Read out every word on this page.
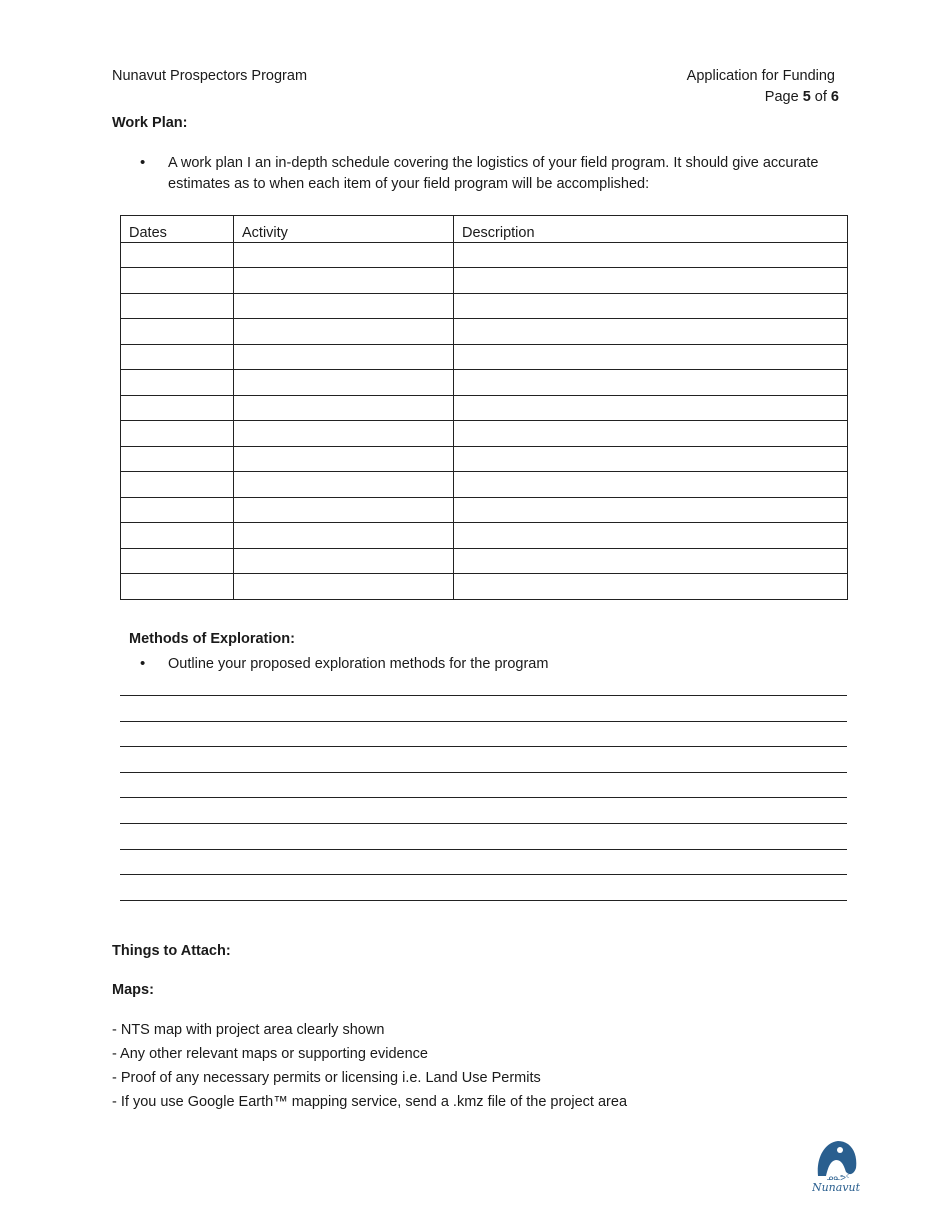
Nunavut Prospectors Program	Application for Funding
Page 5 of 6
Work Plan:
• A work plan I an in-depth schedule covering the logistics of your field program. It should give accurate estimates as to when each item of your field program will be accomplished:
Dates	Activity	Description

Methods of Exploration:
• Outline your proposed exploration methods for the program
Things to Attach:
Maps:
- NTS map with project area clearly shown
- Any other relevant maps or supporting evidence
- Proof of any necessary permits or licensing i.e. Land Use Permits
- If you use Google Earth™ mapping service, send a .kmz file of the project area
ᓄᓇᕗᑦ
Nunavut
